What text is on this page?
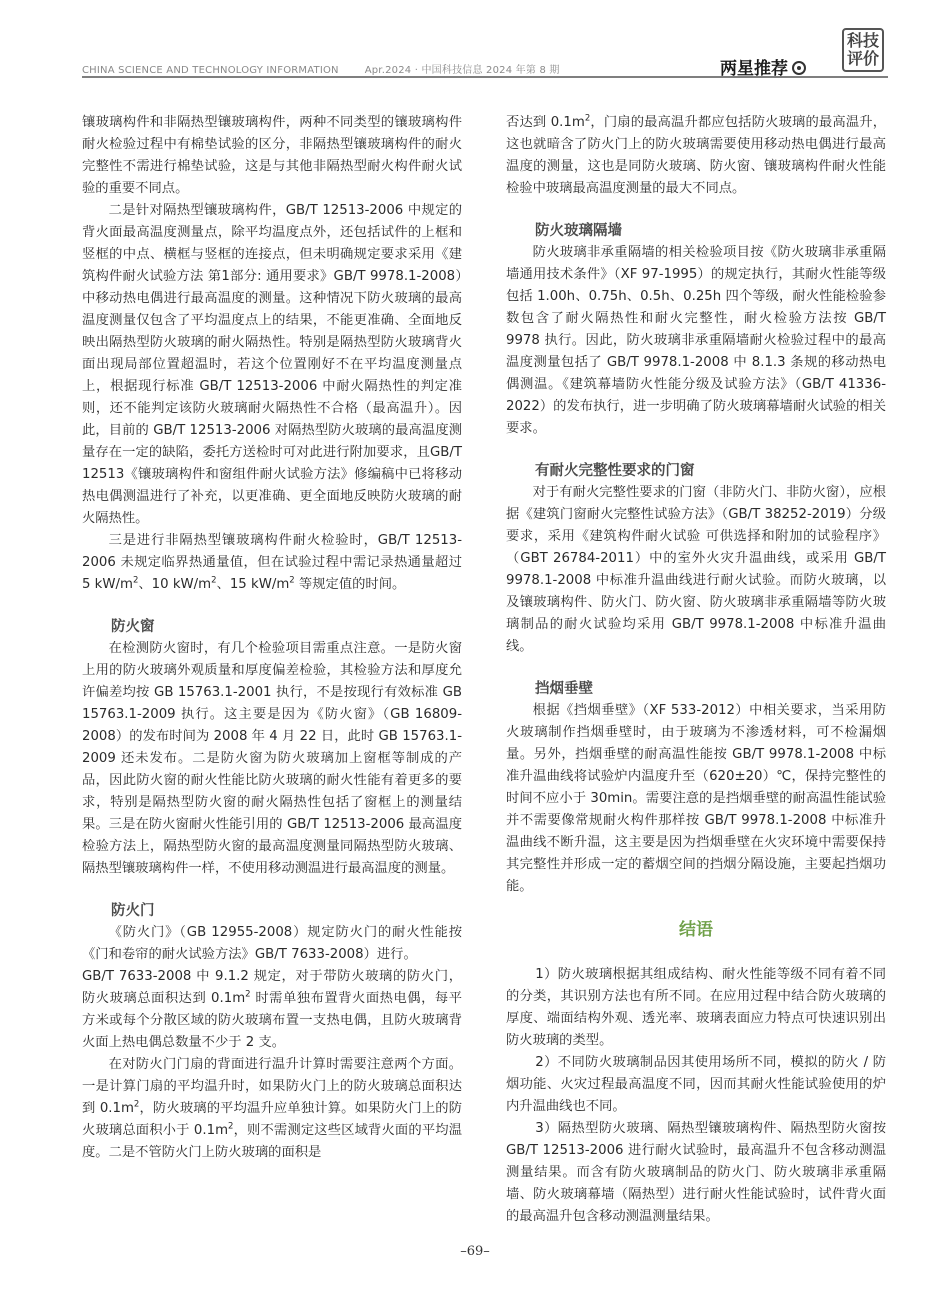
CHINA SCIENCE AND TECHNOLOGY INFORMATION	Apr.2024 · 中国科技信息 2024 年第 8 期	两星推荐
科技
评价

镶玻璃构件和非隔热型镶玻璃构件，两种不同类型的镶玻璃构件耐火检验过程中有棉垫试验的区分，非隔热型镶玻璃构件的耐火完整性不需进行棉垫试验，这是与其他非隔热型耐火构件耐火试验的重要不同点。

二是针对隔热型镶玻璃构件，GB/T 12513-2006 中规定的背火面最高温度测量点，除平均温度点外，还包括试件的上框和竖框的中点、横框与竖框的连接点，但未明确规定要求采用《建筑构件耐火试验方法 第1部分: 通用要求》GB/T 9978.1-2008）中移动热电偶进行最高温度的测量。这种情况下防火玻璃的最高温度测量仅包含了平均温度点上的结果，不能更准确、全面地反映出隔热型防火玻璃的耐火隔热性。特别是隔热型防火玻璃背火面出现局部位置超温时，若这个位置刚好不在平均温度测量点上，根据现行标准 GB/T 12513-2006 中耐火隔热性的判定准则，还不能判定该防火玻璃耐火隔热性不合格（最高温升）。因此，目前的 GB/T 12513-2006 对隔热型防火玻璃的最高温度测量存在一定的缺陷，委托方送检时可对此进行附加要求，且GB/T 12513《镶玻璃构件和窗组件耐火试验方法》修编稿中已将移动热电偶测温进行了补充，以更准确、更全面地反映防火玻璃的耐火隔热性。

三是进行非隔热型镶玻璃构件耐火检验时，GB/T 12513-2006 未规定临界热通量值，但在试验过程中需记录热通量超过 5 $kW/m^2$、10 $kW/m^2$、15 $kW/m^2$ 等规定值的时间。

防火窗

在检测防火窗时，有几个检验项目需重点注意。一是防火窗上用的防火玻璃外观质量和厚度偏差检验，其检验方法和厚度允许偏差均按 GB 15763.1-2001 执行，不是按现行有效标准 GB 15763.1-2009 执行。这主要是因为《防火窗》（GB 16809-2008）的发布时间为 2008 年 4 月 22 日，此时 GB 15763.1-2009 还未发布。二是防火窗为防火玻璃加上窗框等制成的产品，因此防火窗的耐火性能比防火玻璃的耐火性能有着更多的要求，特别是隔热型防火窗的耐火隔热性包括了窗框上的测量结果。三是在防火窗耐火性能引用的 GB/T 12513-2006 最高温度检验方法上，隔热型防火窗的最高温度测量同隔热型防火玻璃、隔热型镶玻璃构件一样，不使用移动测温进行最高温度的测量。

防火门

《防火门》（GB 12955-2008）规定防火门的耐火性能按《门和卷帘的耐火试验方法》GB/T 7633-2008）进行。

GB/T 7633-2008 中 9.1.2 规定，对于带防火玻璃的防火门，防火玻璃总面积达到 $0.1m^2$ 时需单独布置背火面热电偶，每平方米或每个分散区域的防火玻璃布置一支热电偶，且防火玻璃背火面上热电偶总数量不少于 2 支。

在对防火门门扇的背面进行温升计算时需要注意两个方面。一是计算门扇的平均温升时，如果防火门上的防火玻璃总面积达到 $0.1m^2$，防火玻璃的平均温升应单独计算。如果防火门上的防火玻璃总面积小于 $0.1m^2$，则不需测定这些区域背火面的平均温度。二是不管防火门上防火玻璃的面积是

否达到 $0.1m^2$，门扇的最高温升都应包括防火玻璃的最高温升，这也就暗含了防火门上的防火玻璃需要使用移动热电偶进行最高温度的测量，这也是同防火玻璃、防火窗、镶玻璃构件耐火性能检验中玻璃最高温度测量的最大不同点。

防火玻璃隔墙

防火玻璃非承重隔墙的相关检验项目按《防火玻璃非承重隔墙通用技术条件》（XF 97-1995）的规定执行，其耐火性能等级包括 1.00h、0.75h、0.5h、0.25h 四个等级，耐火性能检验参数包含了耐火隔热性和耐火完整性，耐火检验方法按 GB/T 9978 执行。因此，防火玻璃非承重隔墙耐火检验过程中的最高温度测量包括了 GB/T 9978.1-2008 中 8.1.3 条规的移动热电偶测温。《建筑幕墙防火性能分级及试验方法》（GB/T 41336-2022）的发布执行，进一步明确了防火玻璃幕墙耐火试验的相关要求。

有耐火完整性要求的门窗

对于有耐火完整性要求的门窗（非防火门、非防火窗），应根据《建筑门窗耐火完整性试验方法》（GB/T 38252-2019）分级要求，采用《建筑构件耐火试验 可供选择和附加的试验程序》（GBT 26784-2011）中的室外火灾升温曲线，或采用 GB/T 9978.1-2008 中标准升温曲线进行耐火试验。而防火玻璃，以及镶玻璃构件、防火门、防火窗、防火玻璃非承重隔墙等防火玻璃制品的耐火试验均采用 GB/T 9978.1-2008 中标准升温曲线。

挡烟垂壁

根据《挡烟垂壁》（XF 533-2012）中相关要求，当采用防火玻璃制作挡烟垂壁时，由于玻璃为不渗透材料，可不检漏烟量。另外，挡烟垂壁的耐高温性能按 GB/T 9978.1-2008 中标准升温曲线将试验炉内温度升至（620±20）℃，保持完整性的时间不应小于 30min。需要注意的是挡烟垂壁的耐高温性能试验并不需要像常规耐火构件那样按 GB/T 9978.1-2008 中标准升温曲线不断升温，这主要是因为挡烟垂壁在火灾环境中需要保持其完整性并形成一定的蓄烟空间的挡烟分隔设施，主要起挡烟功能。

结语

1）防火玻璃根据其组成结构、耐火性能等级不同有着不同的分类，其识别方法也有所不同。在应用过程中结合防火玻璃的厚度、端面结构外观、透光率、玻璃表面应力特点可快速识别出防火玻璃的类型。

2）不同防火玻璃制品因其使用场所不同，模拟的防火 / 防烟功能、火灾过程最高温度不同，因而其耐火性能试验使用的炉内升温曲线也不同。

3）隔热型防火玻璃、隔热型镶玻璃构件、隔热型防火窗按 GB/T 12513-2006 进行耐火试验时，最高温升不包含移动测温测量结果。而含有防火玻璃制品的防火门、防火玻璃非承重隔墙、防火玻璃幕墙（隔热型）进行耐火性能试验时，试件背火面的最高温升包含移动测温测量结果。

–69–
